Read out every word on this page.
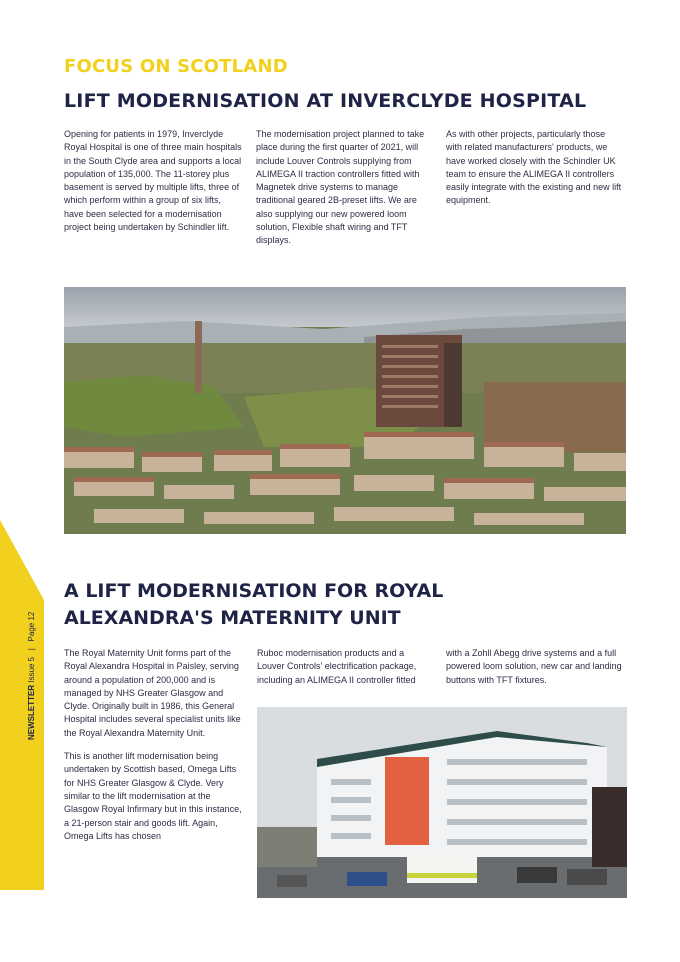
NEWSLETTER Issue 5   |   Page 12
FOCUS ON SCOTLAND
LIFT MODERNISATION AT INVERCLYDE HOSPITAL

Opening for patients in 1979, Inverclyde Royal Hospital is one of three main hospitals in the South Clyde area and supports a local population of 135,000. The 11-storey plus basement is served by multiple lifts, three of which perform within a group of six lifts, have been selected for a modernisation project being undertaken by Schindler lift.

The modernisation project planned to take place during the first quarter of 2021, will include Louver Controls supplying from ALIMEGA II traction controllers fitted with Magnetek drive systems to manage traditional geared 2B-preset lifts. We are also supplying our new powered loom solution, Flexible shaft wiring and TFT displays.

As with other projects, particularly those with related manufacturers' products, we have worked closely with the Schindler UK team to ensure the ALIMEGA II controllers easily integrate with the existing and new lift equipment.

A LIFT MODERNISATION FOR ROYAL ALEXANDRA'S MATERNITY UNIT

The Royal Maternity Unit forms part of the Royal Alexandra Hospital in Paisley, serving around a population of 200,000 and is managed by NHS Greater Glasgow and Clyde. Originally built in 1986, this General Hospital includes several specialist units like the Royal Alexandra Maternity Unit.

This is another lift modernisation being undertaken by Scottish based, Omega Lifts for NHS Greater Glasgow & Clyde. Very similar to the lift modernisation at the Glasgow Royal Infirmary but in this instance, a 21-person stair and goods lift. Again, Omega Lifts has chosen

Ruboc modernisation products and a Louver Controls' electrification package, including an ALIMEGA II controller fitted

with a Zohll Abegg drive systems and a full powered loom solution, new car and landing buttons with TFT fixtures.
